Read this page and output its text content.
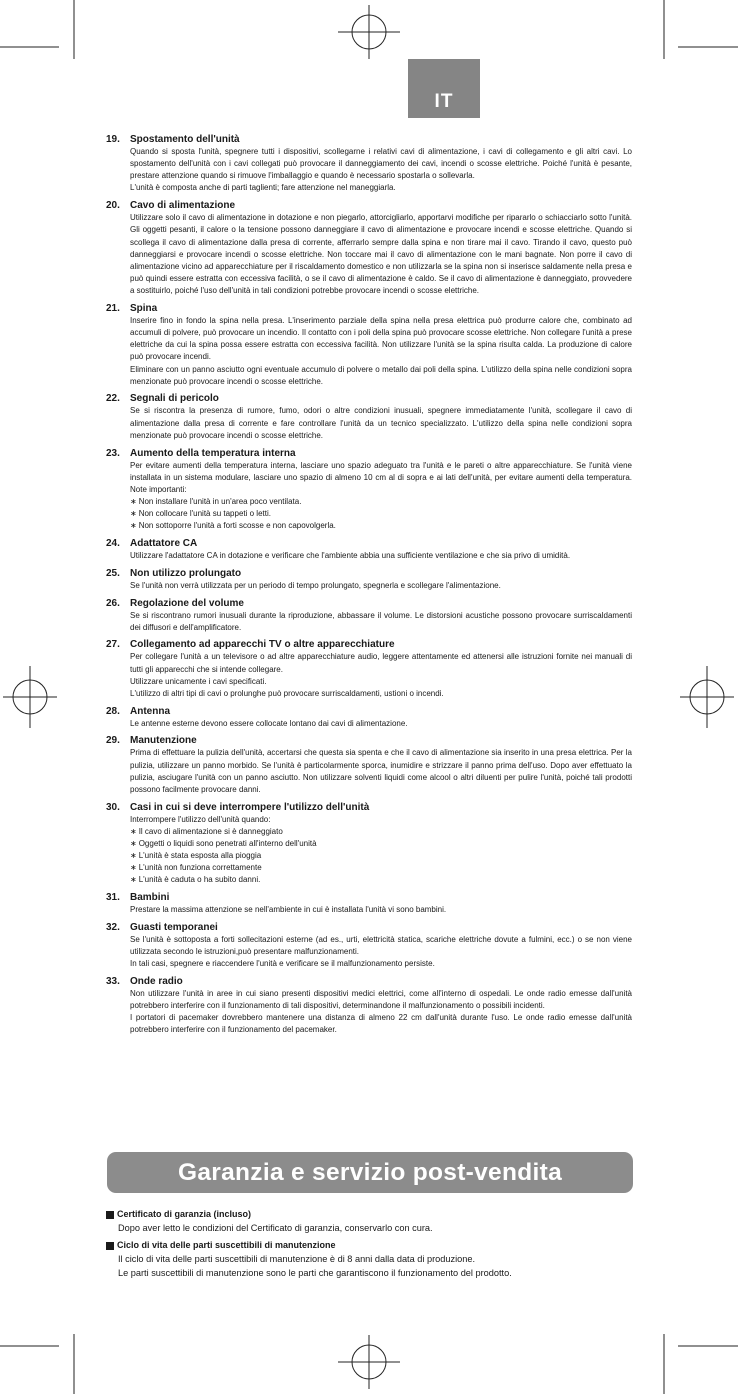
IT
19.	Spostamento dell'unità

Quando si sposta l'unità, spegnere tutti i dispositivi, scollegarne i relativi cavi di alimentazione, i cavi di collegamento e gli altri cavi. Lo spostamento dell'unità con i cavi collegati può provocare il danneggiamento dei cavi, incendi o scosse elettriche. Poiché l'unità è pesante, prestare attenzione quando si rimuove l'imballaggio e quando è necessario spostarla o sollevarla.

L'unità è composta anche di parti taglienti; fare attenzione nel maneggiarla.

20.	Cavo di alimentazione

Utilizzare solo il cavo di alimentazione in dotazione e non piegarlo, attorcigliarlo, apportarvi modifiche per ripararlo o schiacciarlo sotto l'unità. Gli oggetti pesanti, il calore o la tensione possono danneggiare il cavo di alimentazione e provocare incendi e scosse elettriche. Quando si scollega il cavo di alimentazione dalla presa di corrente, afferrarlo sempre dalla spina e non tirare mai il cavo. Tirando il cavo, questo può danneggiarsi e provocare incendi o scosse elettriche. Non toccare mai il cavo di alimentazione con le mani bagnate. Non porre il cavo di alimentazione vicino ad apparecchiature per il riscaldamento domestico e non utilizzarla se la spina non si inserisce saldamente nella presa e può quindi essere estratta con eccessiva facilità, o se il cavo di alimentazione è caldo. Se il cavo di alimentazione è danneggiato, provvedere a sostituirlo, poiché l'uso dell'unità in tali condizioni potrebbe provocare incendi o scosse elettriche.

21.	Spina

Inserire fino in fondo la spina nella presa. L'inserimento parziale della spina nella presa elettrica può produrre calore che, combinato ad accumuli di polvere, può provocare un incendio. Il contatto con i poli della spina può provocare scosse elettriche. Non collegare l'unità a prese elettriche da cui la spina possa essere estratta con eccessiva facilità. Non utilizzare l'unità se la spina risulta calda. La produzione di calore può provocare incendi.

Eliminare con un panno asciutto ogni eventuale accumulo di polvere o metallo dai poli della spina. L'utilizzo della spina nelle condizioni sopra menzionate può provocare incendi o scosse elettriche.

22.	Segnali di pericolo

Se si riscontra la presenza di rumore, fumo, odori o altre condizioni inusuali, spegnere immediatamente l'unità, scollegare il cavo di alimentazione dalla presa di corrente e fare controllare l'unità da un tecnico specializzato. L'utilizzo della spina nelle condizioni sopra menzionate può provocare incendi o scosse elettriche.

23.	Aumento della temperatura interna

Per evitare aumenti della temperatura interna, lasciare uno spazio adeguato tra l'unità e le pareti o altre apparecchiature. Se l'unità viene installata in un sistema modulare, lasciare uno spazio di almeno 10 cm al di sopra e ai lati dell'unità, per evitare aumenti della temperatura. Note importanti:

∗ Non installare l'unità in un'area poco ventilata.

∗ Non collocare l'unità su tappeti o letti.

∗ Non sottoporre l'unità a forti scosse e non capovolgerla.

24.	Adattatore CA

Utilizzare l'adattatore CA in dotazione e verificare che l'ambiente abbia una sufficiente ventilazione e che sia privo di umidità.

25.	Non utilizzo prolungato

Se l'unità non verrà utilizzata per un periodo di tempo prolungato, spegnerla e scollegare l'alimentazione.

26.	Regolazione del volume

Se si riscontrano rumori inusuali durante la riproduzione, abbassare il volume. Le distorsioni acustiche possono provocare surriscaldamenti dei diffusori e dell'amplificatore.

27.	Collegamento ad apparecchi TV o altre apparecchiature

Per collegare l'unità a un televisore o ad altre apparecchiature audio, leggere attentamente ed attenersi alle istruzioni fornite nei manuali di tutti gli apparecchi che si intende collegare.

Utilizzare unicamente i cavi specificati.

L'utilizzo di altri tipi di cavi o prolunghe può provocare surriscaldamenti, ustioni o incendi.

28.	Antenna

Le antenne esterne devono essere collocate lontano dai cavi di alimentazione.

29.	Manutenzione

Prima di effettuare la pulizia dell'unità, accertarsi che questa sia spenta e che il cavo di alimentazione sia inserito in una presa elettrica. Per la pulizia, utilizzare un panno morbido. Se l'unità è particolarmente sporca, inumidire e strizzare il panno prima dell'uso. Dopo aver effettuato la pulizia, asciugare l'unità con un panno asciutto. Non utilizzare solventi liquidi come alcool o altri diluenti per pulire l'unità, poiché tali prodotti possono facilmente provocare danni.

30.	Casi in cui si deve interrompere l'utilizzo dell'unità

Interrompere l'utilizzo dell'unità quando:

∗ Il cavo di alimentazione si è danneggiato

∗ Oggetti o liquidi sono penetrati all'interno dell'unità

∗ L'unità è stata esposta alla pioggia

∗ L'unità non funziona correttamente

∗ L'unità è caduta o ha subito danni.

31.	Bambini

Prestare la massima attenzione se nell'ambiente in cui è installata l'unità vi sono bambini.

32.	Guasti temporanei

Se l'unità è sottoposta a forti sollecitazioni esterne (ad es., urti, elettricità statica, scariche elettriche dovute a fulmini, ecc.) o se non viene utilizzata secondo le istruzioni,può presentare malfunzionamenti.

In tali casi, spegnere e riaccendere l'unità e verificare se il malfunzionamento persiste.

33.	Onde radio

Non utilizzare l'unità in aree in cui siano presenti dispositivi medici elettrici, come all'interno di ospedali. Le onde radio emesse dall'unità potrebbero interferire con il funzionamento di tali dispositivi, determinandone il malfunzionamento o possibili incidenti.

I portatori di pacemaker dovrebbero mantenere una distanza di almeno 22 cm dall'unità durante l'uso. Le onde radio emesse dall'unità potrebbero interferire con il funzionamento del pacemaker.

Garanzia e servizio post-vendita
Certificato di garanzia (incluso)

Dopo aver letto le condizioni del Certificato di garanzia, conservarlo con cura.

Ciclo di vita delle parti suscettibili di manutenzione

Il ciclo di vita delle parti suscettibili di manutenzione è di 8 anni dalla data di produzione.

Le parti suscettibili di manutenzione sono le parti che garantiscono il funzionamento del prodotto.
